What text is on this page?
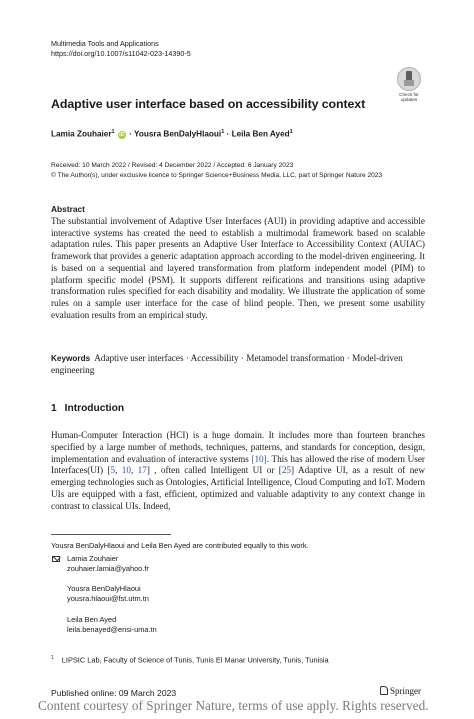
Multimedia Tools and Applications
https://doi.org/10.1007/s11042-023-14390-5
Check for
updates
Adaptive user interface based on accessibility context
Lamia Zouhaier$^1$ iD · Yousra BenDalyHlaoui$^1$ · Leila Ben Ayed$^1$
Received: 10 March 2022 / Revised: 4 December 2022 / Accepted: 6 January 2023
© The Author(s), under exclusive licence to Springer Science+Business Media, LLC, part of Springer Nature 2023
Abstract
The substantial involvement of Adaptive User Interfaces (AUI) in providing adaptive and accessible interactive systems has created the need to establish a multimodal framework based on scalable adaptation rules. This paper presents an Adaptive User Interface to Accessibility Context (AUIAC) framework that provides a generic adaptation approach according to the model-driven engineering. It is based on a sequential and layered transformation from platform independent model (PIM) to platform specific model (PSM). It supports different reifications and transitions using adaptive transformation rules specified for each disability and modality. We illustrate the application of some rules on a sample user interface for the case of blind people. Then, we present some usability evaluation results from an empirical study.
Keywords Adaptive user interfaces · Accessibility · Metamodel transformation · Model-driven engineering
1 Introduction
Human-Computer Interaction (HCI) is a huge domain. It includes more than fourteen branches specified by a large number of methods, techniques, patterns, and standards for conception, design, implementation and evaluation of interactive systems [10]. This has allowed the rise of modern User Interfaces(UI) [5, 10, 17] , often called Intelligent UI or [25] Adaptive UI, as a result of new emerging technologies such as Ontologies, Artificial Intelligence, Cloud Computing and IoT. Modern UIs are equipped with a fast, efficient, optimized and valuable adaptivity to any context change in contrast to classical UIs. Indeed,
Yousra BenDalyHlaoui and Leila Ben Ayed are contributed equally to this work.
Lamia Zouhaier
zouhaier.lamia@yahoo.fr
Yousra BenDalyHlaoui
yousra.hlaoui@fst.utm.tn
Leila Ben Ayed
leila.benayed@ensi-uma.tn
$^1$ LIPSIC Lab, Faculty of Science of Tunis, Tunis El Manar University, Tunis, Tunisia
Published online: 09 March 2023	Springer
Content courtesy of Springer Nature, terms of use apply. Rights reserved.
